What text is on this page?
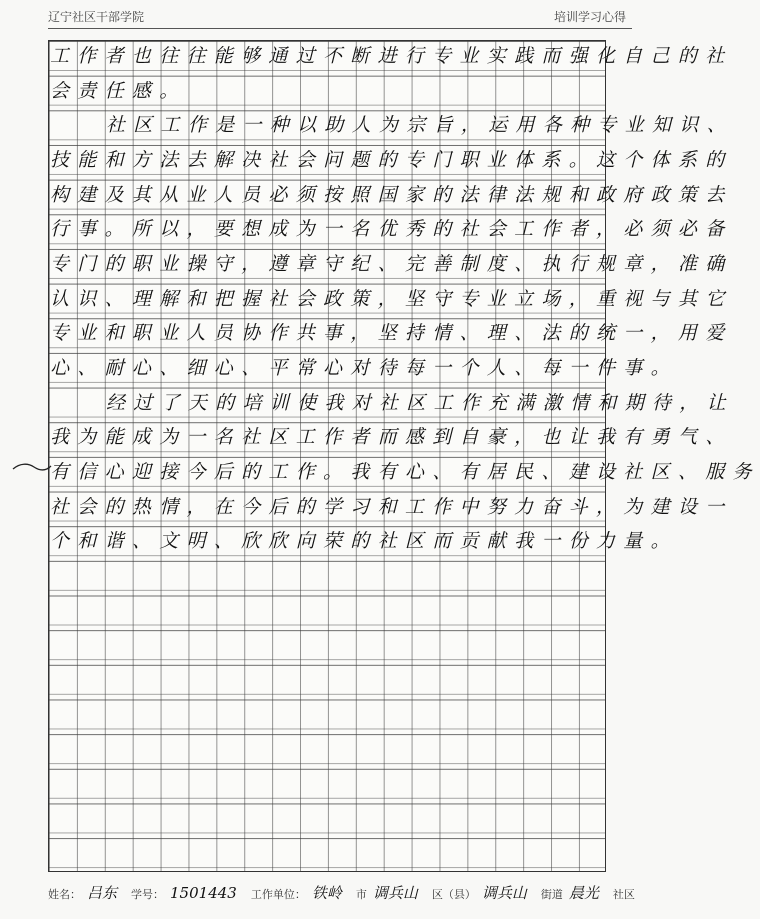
辽宁社区干部学院	培训学习心得
工作者也往往能够通过不断进行专业实践而强化自己的社
会责任感。
社区工作是一种以助人为宗旨，运用各种专业知识、
技能和方法去解决社会问题的专门职业体系。这个体系的
构建及其从业人员必须按照国家的法律法规和政府政策去
行事。所以，要想成为一名优秀的社会工作者，必须必备
专门的职业操守，遵章守纪、完善制度、执行规章，准确
认识、理解和把握社会政策，坚守专业立场，重视与其它
专业和职业人员协作共事，坚持情、理、法的统一，用爱
心、耐心、细心、平常心对待每一个人、每一件事。
经过了天的培训使我对社区工作充满激情和期待，让
我为能成为一名社区工作者而感到自豪，也让我有勇气、
有信心迎接今后的工作。我有心、有居民、建设社区、服务
社会的热情，在今后的学习和工作中努力奋斗，为建设一
个和谐、文明、欣欣向荣的社区而贡献我一份力量。
姓名： 吕东 学号： 1501443 工作单位： 铁岭 市 调兵山 区（县） 调兵山 街道 晨光 社区
